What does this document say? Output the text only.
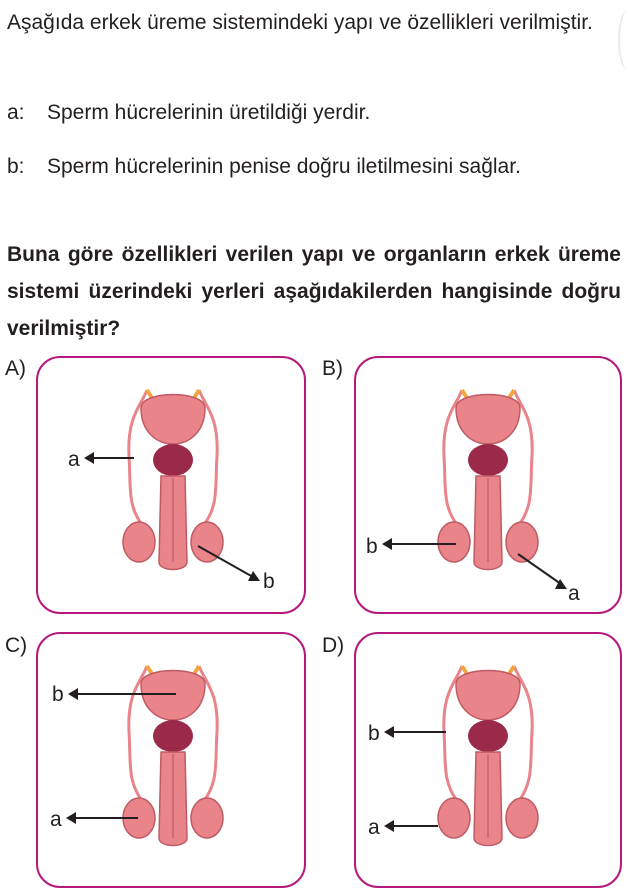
Aşağıda erkek üreme sistemindeki yapı ve özellikleri verilmiştir.
a: Sperm hücrelerinin üretildiği yerdir.
b: Sperm hücrelerinin penise doğru iletilmesini sağlar.
Buna göre özellikleri verilen yapı ve organların erkek üreme sistemi üzerindeki yerleri aşağıdakilerden hangisinde doğru verilmiştir?
A)
a
b
B)
b
a
C)
b
a
D)
b
a
